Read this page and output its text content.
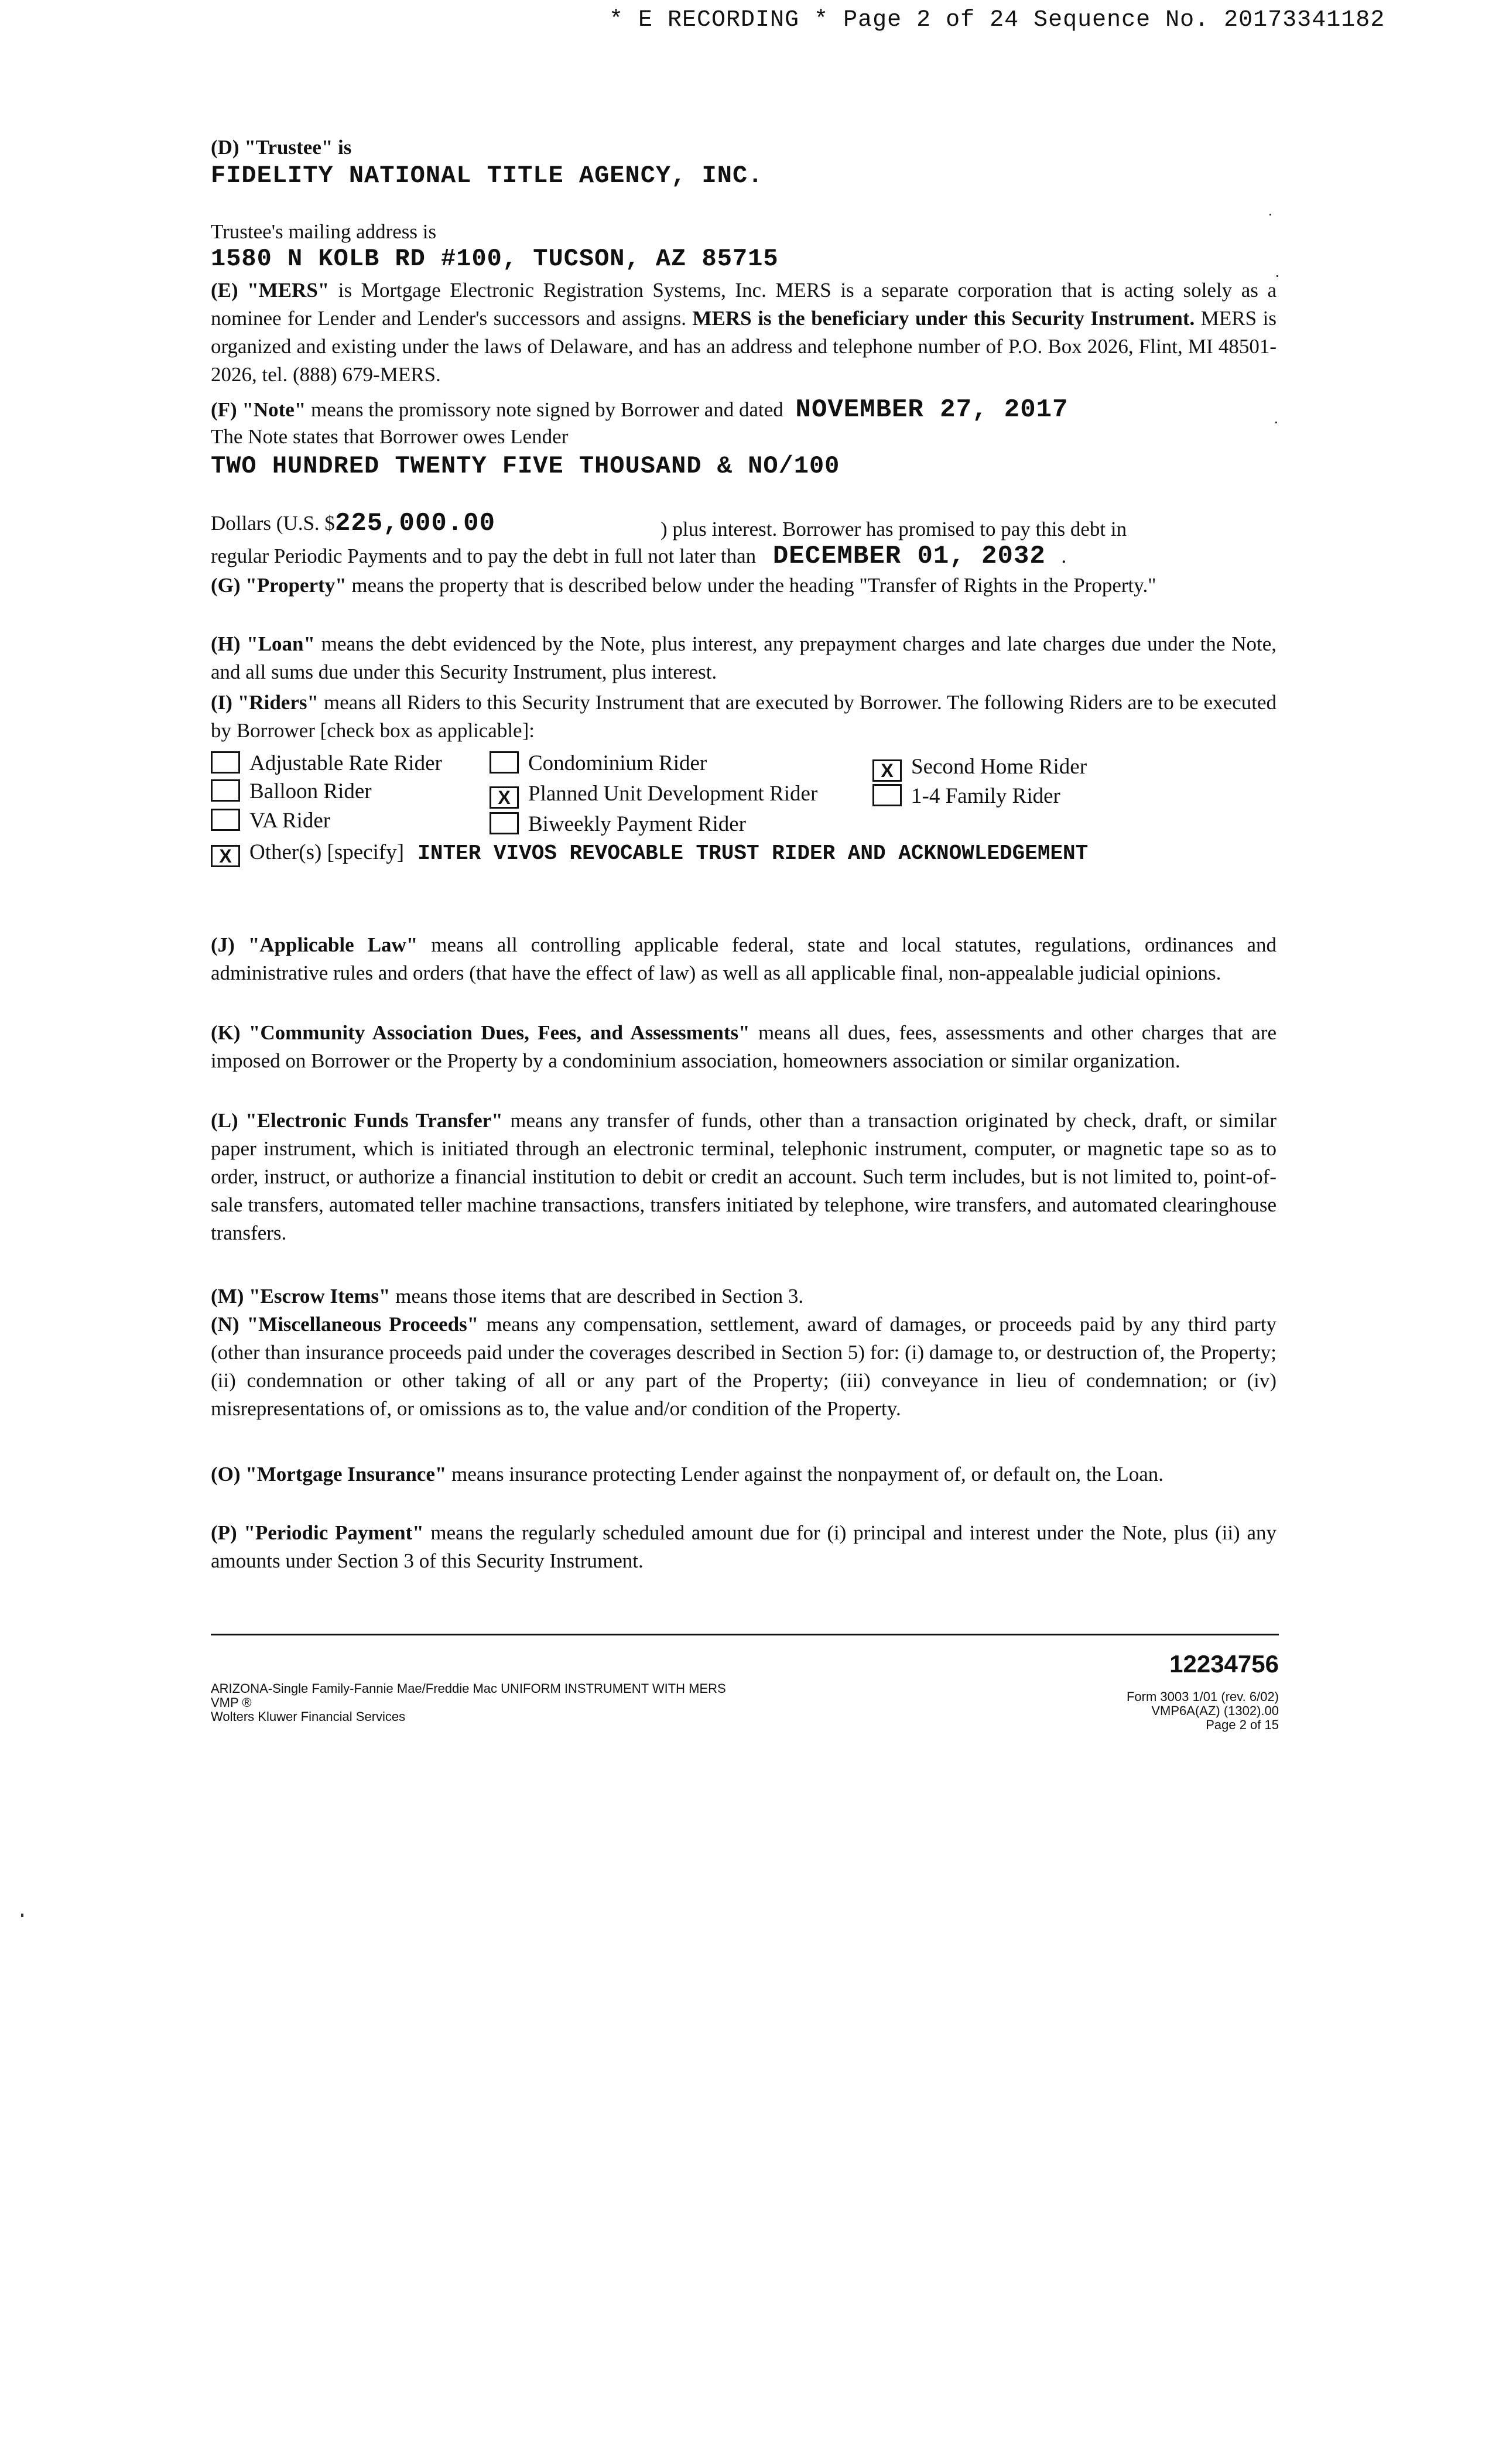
* E RECORDING * Page 2 of 24 Sequence No. 20173341182
(D) "Trustee" is
FIDELITY NATIONAL TITLE AGENCY, INC.
Trustee's mailing address is
1580 N KOLB RD #100, TUCSON, AZ 85715
(E) "MERS" is Mortgage Electronic Registration Systems, Inc. MERS is a separate corporation that is acting solely as a nominee for Lender and Lender's successors and assigns. MERS is the beneficiary under this Security Instrument. MERS is organized and existing under the laws of Delaware, and has an address and telephone number of P.O. Box 2026, Flint, MI 48501-2026, tel. (888) 679-MERS.
(F) "Note" means the promissory note signed by Borrower and dated NOVEMBER 27, 2017
The Note states that Borrower owes Lender
TWO HUNDRED TWENTY FIVE THOUSAND & NO/100
Dollars (U.S. $225,000.00	) plus interest. Borrower has promised to pay this debt in
regular Periodic Payments and to pay the debt in full not later than DECEMBER 01, 2032 .
(G) "Property" means the property that is described below under the heading "Transfer of Rights in the Property."
(H) "Loan" means the debt evidenced by the Note, plus interest, any prepayment charges and late charges due under the Note, and all sums due under this Security Instrument, plus interest.
(I) "Riders" means all Riders to this Security Instrument that are executed by Borrower. The following Riders are to be executed by Borrower [check box as applicable]:
Adjustable Rate Rider	Condominium Rider	X Second Home Rider
Balloon Rider	X Planned Unit Development Rider	1-4 Family Rider
VA Rider	Biweekly Payment Rider
X Other(s) [specify] INTER VIVOS REVOCABLE TRUST RIDER AND ACKNOWLEDGEMENT
(J) "Applicable Law" means all controlling applicable federal, state and local statutes, regulations, ordinances and administrative rules and orders (that have the effect of law) as well as all applicable final, non-appealable judicial opinions.
(K) "Community Association Dues, Fees, and Assessments" means all dues, fees, assessments and other charges that are imposed on Borrower or the Property by a condominium association, homeowners association or similar organization.
(L) "Electronic Funds Transfer" means any transfer of funds, other than a transaction originated by check, draft, or similar paper instrument, which is initiated through an electronic terminal, telephonic instrument, computer, or magnetic tape so as to order, instruct, or authorize a financial institution to debit or credit an account. Such term includes, but is not limited to, point-of-sale transfers, automated teller machine transactions, transfers initiated by telephone, wire transfers, and automated clearinghouse transfers.
(M) "Escrow Items" means those items that are described in Section 3.
(N) "Miscellaneous Proceeds" means any compensation, settlement, award of damages, or proceeds paid by any third party (other than insurance proceeds paid under the coverages described in Section 5) for: (i) damage to, or destruction of, the Property; (ii) condemnation or other taking of all or any part of the Property; (iii) conveyance in lieu of condemnation; or (iv) misrepresentations of, or omissions as to, the value and/or condition of the Property.
(O) "Mortgage Insurance" means insurance protecting Lender against the nonpayment of, or default on, the Loan.
(P) "Periodic Payment" means the regularly scheduled amount due for (i) principal and interest under the Note, plus (ii) any amounts under Section 3 of this Security Instrument.
12234756
ARIZONA-Single Family-Fannie Mae/Freddie Mac UNIFORM INSTRUMENT WITH MERS
VMP ®
Wolters Kluwer Financial Services
Form 3003 1/01 (rev. 6/02)
VMP6A(AZ) (1302).00
Page 2 of 15
